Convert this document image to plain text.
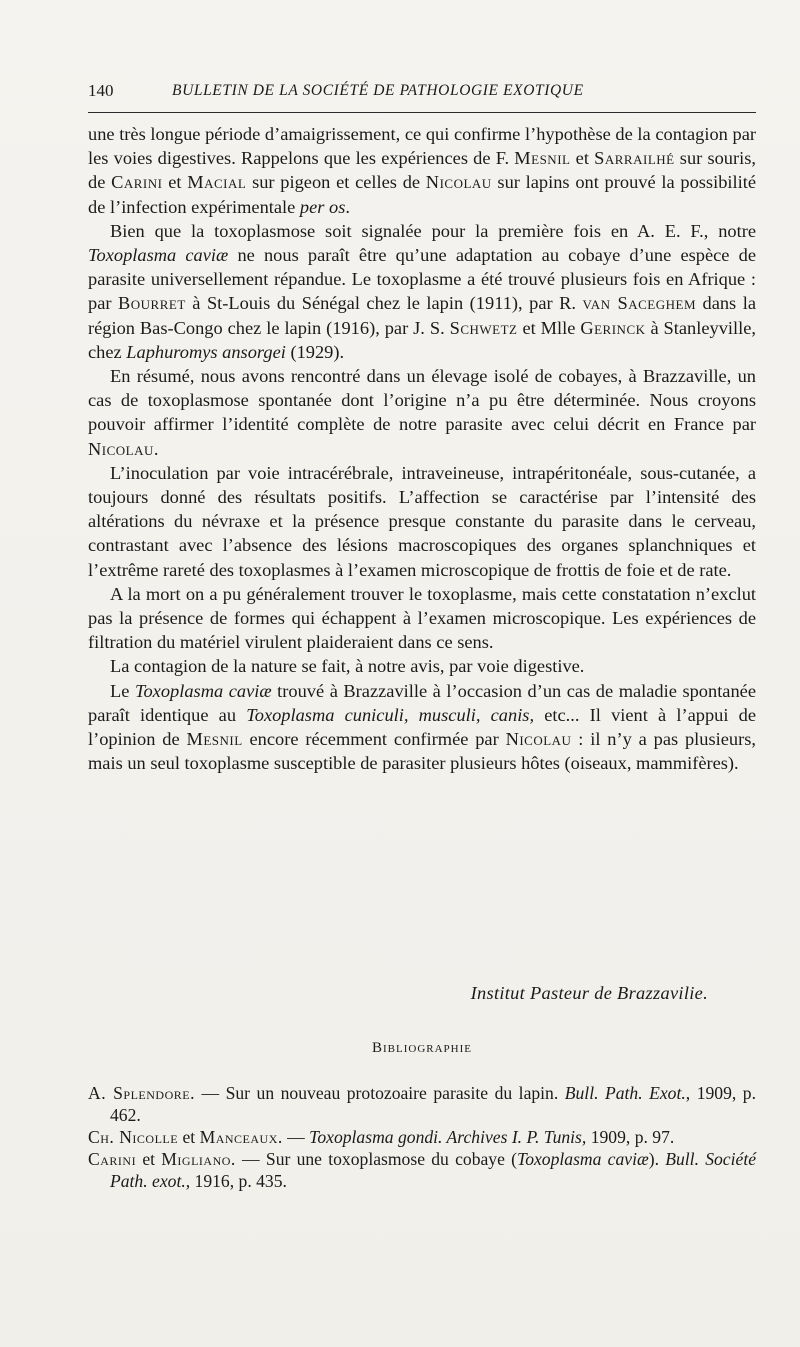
140	BULLETIN DE LA SOCIÉTÉ DE PATHOLOGIE EXOTIQUE

une très longue période d’amaigrissement, ce qui confirme l’hypothèse de la contagion par les voies digestives. Rappelons que les expériences de F. Mesnil et Sarrailhé sur souris, de Carini et Macial sur pigeon et celles de Nicolau sur lapins ont prouvé la possibilité de l’infection expérimentale per os.

Bien que la toxoplasmose soit signalée pour la première fois en A. E. F., notre Toxoplasma caviæ ne nous paraît être qu’une adaptation au cobaye d’une espèce de parasite universellement répandue. Le toxoplasme a été trouvé plusieurs fois en Afrique : par Bourret à St-Louis du Sénégal chez le lapin (1911), par R. van Saceghem dans la région Bas-Congo chez le lapin (1916), par J. S. Schwetz et Mlle Gerinck à Stanleyville, chez Laphuromys ansorgei (1929).

En résumé, nous avons rencontré dans un élevage isolé de cobayes, à Brazzaville, un cas de toxoplasmose spontanée dont l’origine n’a pu être déterminée. Nous croyons pouvoir affirmer l’identité complète de notre parasite avec celui décrit en France par Nicolau.

L’inoculation par voie intracérébrale, intraveineuse, intrapéritonéale, sous-cutanée, a toujours donné des résultats positifs. L’affection se caractérise par l’intensité des altérations du névraxe et la présence presque constante du parasite dans le cerveau, contrastant avec l’absence des lésions macroscopiques des organes splanchniques et l’extrême rareté des toxoplasmes à l’examen microscopique de frottis de foie et de rate.

A la mort on a pu généralement trouver le toxoplasme, mais cette constatation n’exclut pas la présence de formes qui échappent à l’examen microscopique. Les expériences de filtration du matériel virulent plaideraient dans ce sens.

La contagion de la nature se fait, à notre avis, par voie digestive.

Le Toxoplasma caviæ trouvé à Brazzaville à l’occasion d’un cas de maladie spontanée paraît identique au Toxoplasma cuniculi, musculi, canis, etc... Il vient à l’appui de l’opinion de Mesnil encore récemment confirmée par Nicolau : il n’y a pas plusieurs, mais un seul toxoplasme susceptible de parasiter plusieurs hôtes (oiseaux, mammifères).

Institut Pasteur de Brazzavilie.
Bibliographie
A. Splendore. — Sur un nouveau protozoaire parasite du lapin. Bull. Path. Exot., 1909, p. 462.
Ch. Nicolle et Manceaux. — Toxoplasma gondi. Archives I. P. Tunis, 1909, p. 97.
Carini et Migliano. — Sur une toxoplasmose du cobaye (Toxoplasma caviæ). Bull. Société Path. exot., 1916, p. 435.
